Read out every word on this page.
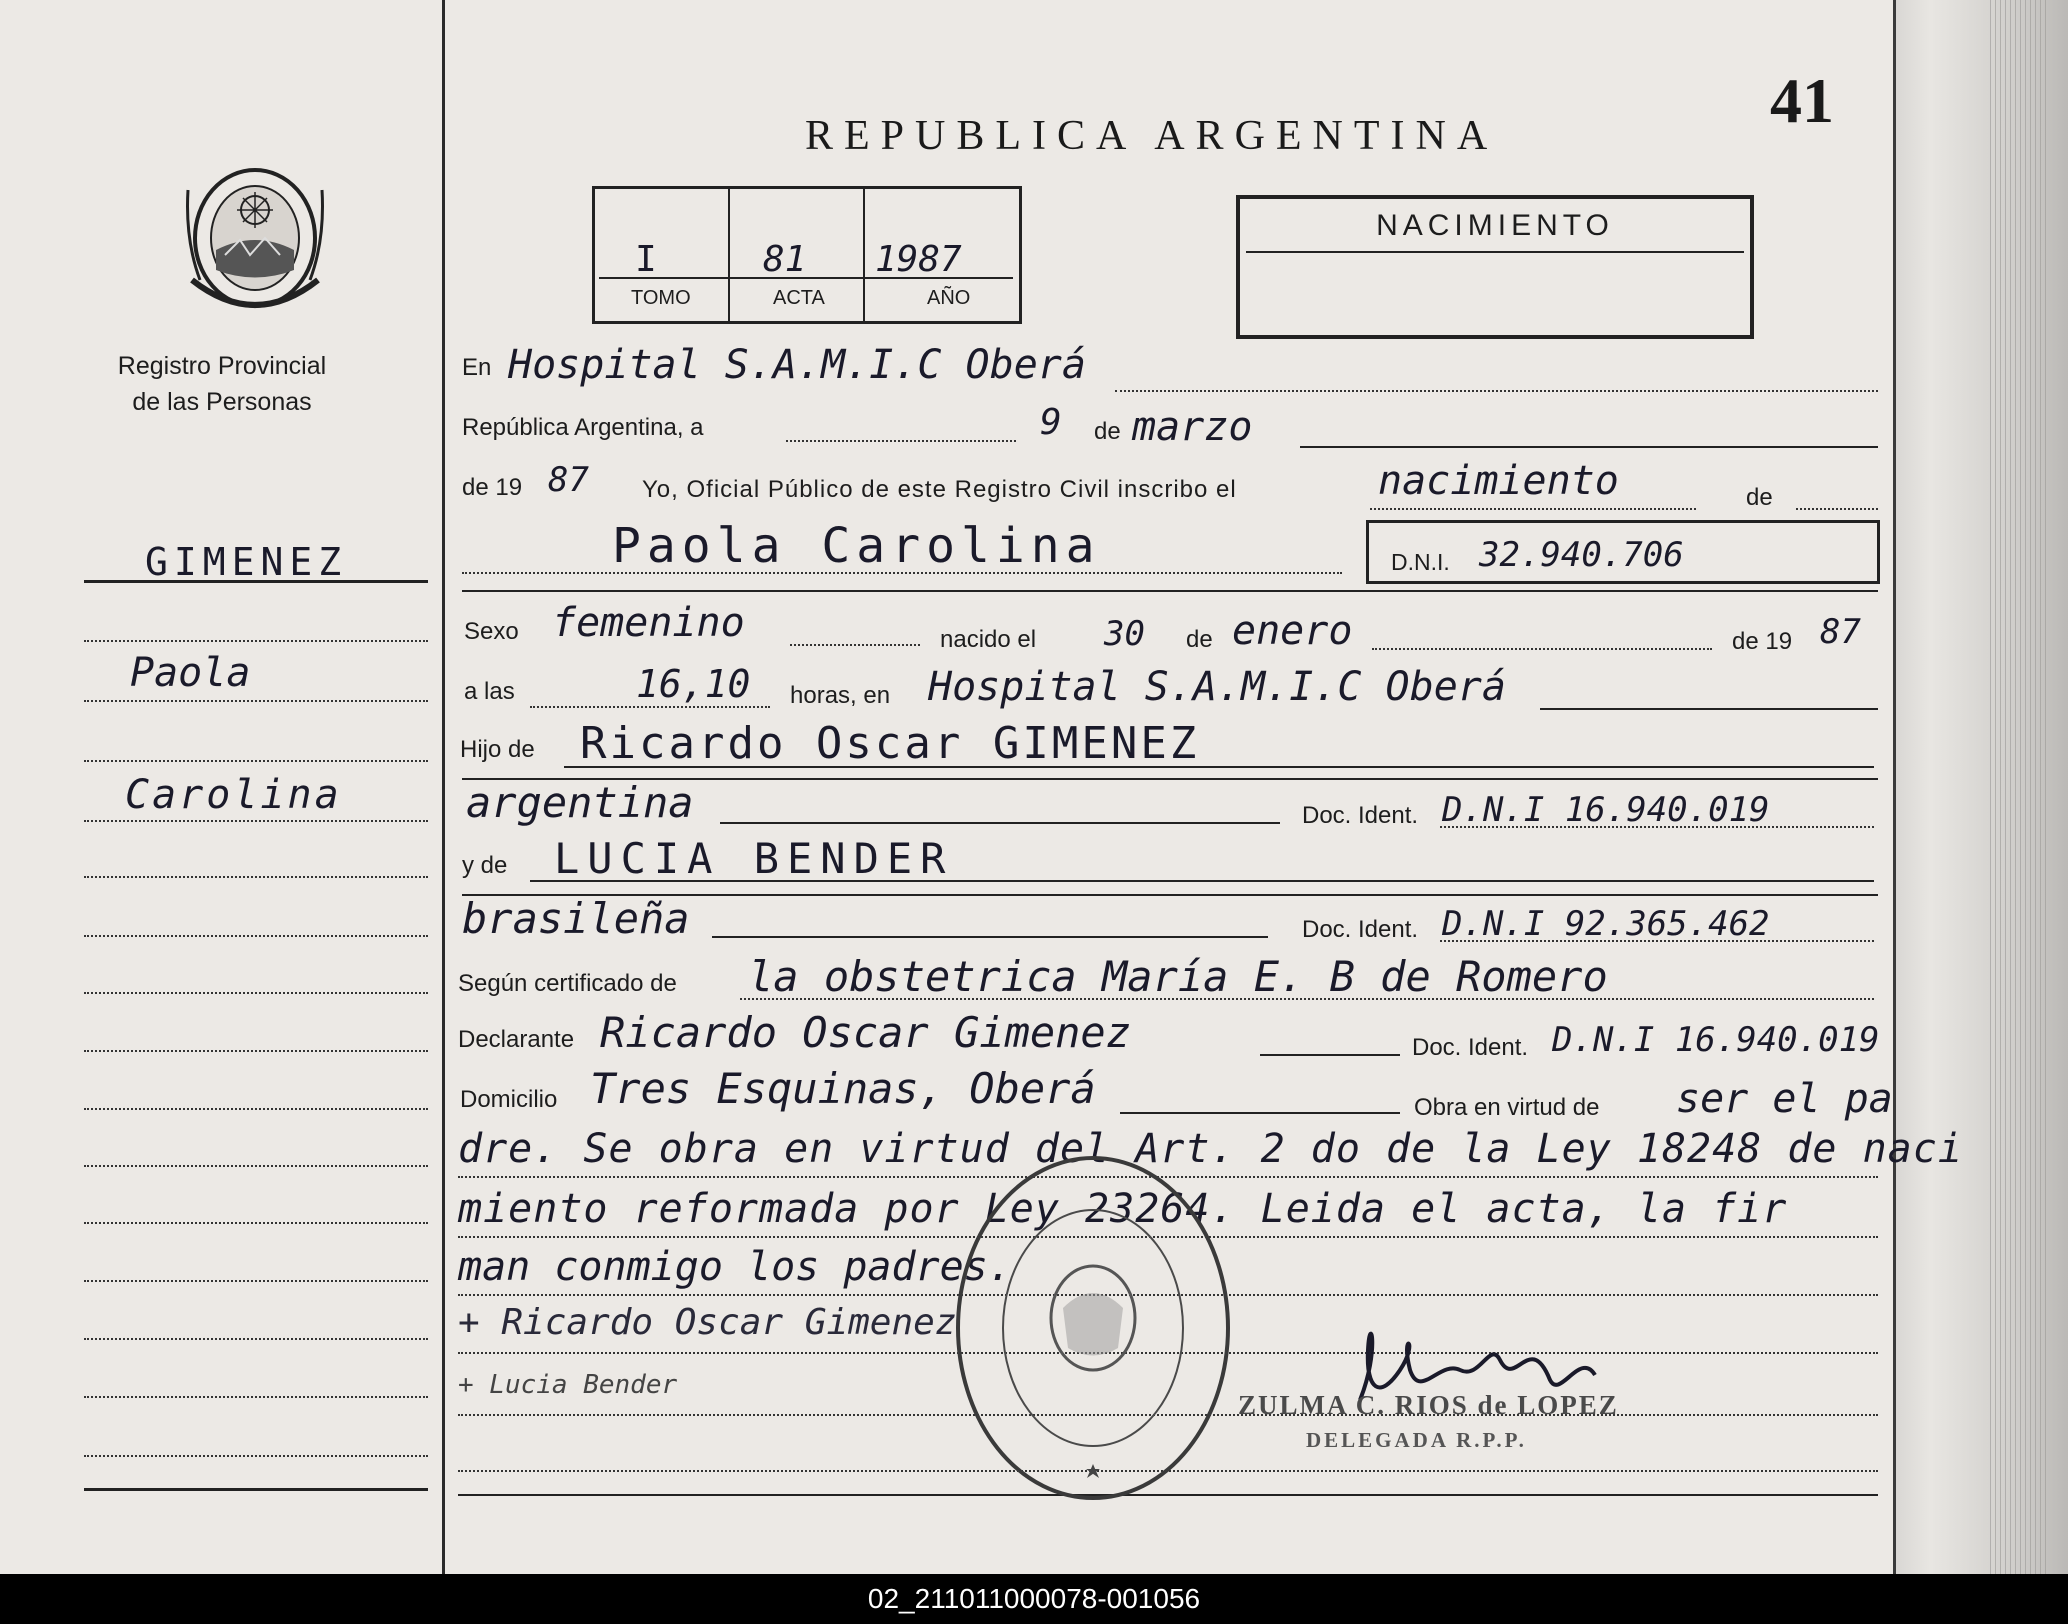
Registro Provincial
de las Personas
GIMENEZ
Paola
Carolina
41
REPUBLICA ARGENTINA
I	81 1987
TOMO	ACTA	AÑO
NACIMIENTO
En Hospital S.A.M.I.C Oberá
República Argentina, a	9 de marzo
de 19 87 Yo, Oficial Público de este Registro Civil inscribo el	nacimiento	de
Paola Carolina	D.N.I. 32.940.706
Sexo femenino	nacido el 30 de enero	de 19 87
a las	16,10 horas, en Hospital S.A.M.I.C Oberá
Hijo de Ricardo Oscar GIMENEZ
argentina	Doc. Ident. D.N.I 16.940.019
y de LUCIA BENDER
brasileña	Doc. Ident. D.N.I 92.365.462
Según certificado de la obstetrica María E. B de Romero
Declarante Ricardo Oscar Gimenez	Doc. Ident. D.N.I 16.940.019
Domicilio Tres Esquinas, Oberá	Obra en virtud de ser el pa
dre. Se obra en virtud del Art. 2 do de la Ley 18248 de naci
miento reformada por Ley 23264. Leida el acta, la fir
man conmigo los padres.
+ Ricardo Oscar Gimenez
+ Lucia Bender
ZULMA C. RIOS de LOPEZ
DELEGADA R.P.P.
02_211011000078-001056
